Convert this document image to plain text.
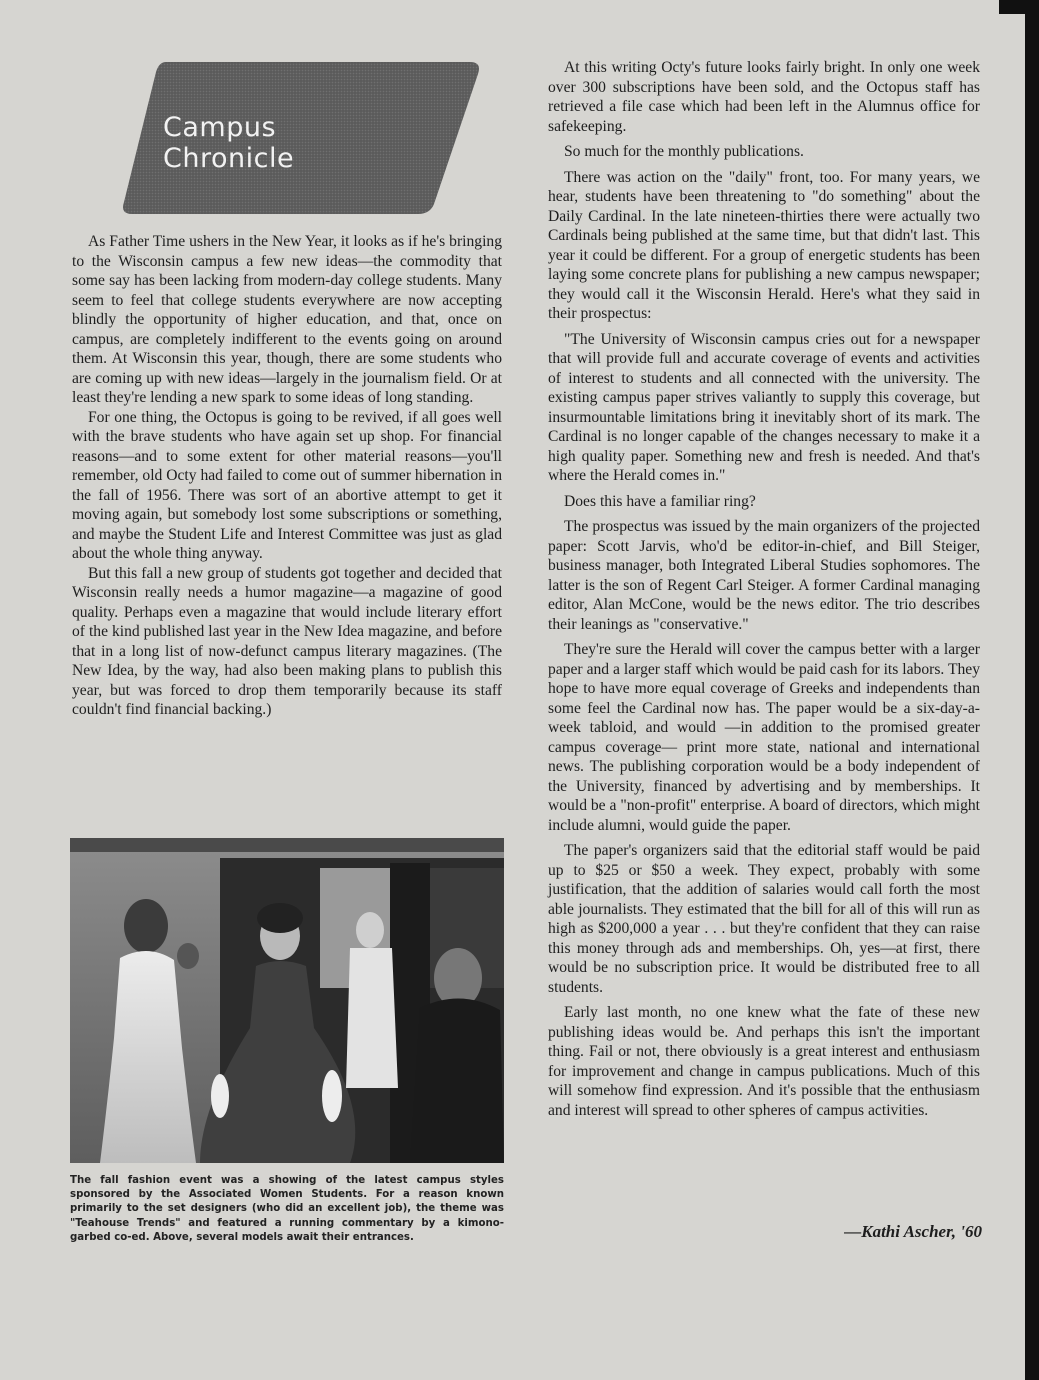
Campus Chronicle

As Father Time ushers in the New Year, it looks as if he's bringing to the Wisconsin campus a few new ideas—the commodity that some say has been lacking from modern-day college students. Many seem to feel that college students everywhere are now accepting blindly the opportunity of higher education, and that, once on campus, are completely indifferent to the events going on around them. At Wisconsin this year, though, there are some students who are coming up with new ideas—largely in the journalism field. Or at least they're lending a new spark to some ideas of long standing.

For one thing, the Octopus is going to be revived, if all goes well with the brave students who have again set up shop. For financial reasons—and to some extent for other material reasons—you'll remember, old Octy had failed to come out of summer hibernation in the fall of 1956. There was sort of an abortive attempt to get it moving again, but somebody lost some subscriptions or something, and maybe the Student Life and Interest Committee was just as glad about the whole thing anyway.

But this fall a new group of students got together and decided that Wisconsin really needs a humor magazine—a magazine of good quality. Perhaps even a magazine that would include literary effort of the kind published last year in the New Idea magazine, and before that in a long list of now-defunct campus literary magazines. (The New Idea, by the way, had also been making plans to publish this year, but was forced to drop them temporarily because its staff couldn't find financial backing.)

The fall fashion event was a showing of the latest campus styles sponsored by the Associated Women Students. For a reason known primarily to the set designers (who did an excellent job), the theme was "Teahouse Trends" and featured a running commentary by a kimono-garbed co-ed. Above, several models await their entrances.

At this writing Octy's future looks fairly bright. In only one week over 300 subscriptions have been sold, and the Octopus staff has retrieved a file case which had been left in the Alumnus office for safekeeping.

So much for the monthly publications.

There was action on the "daily" front, too. For many years, we hear, students have been threatening to "do something" about the Daily Cardinal. In the late nineteen-thirties there were actually two Cardinals being published at the same time, but that didn't last. This year it could be different. For a group of energetic students has been laying some concrete plans for publishing a new campus newspaper; they would call it the Wisconsin Herald. Here's what they said in their prospectus:

"The University of Wisconsin campus cries out for a newspaper that will provide full and accurate coverage of events and activities of interest to students and all connected with the university. The existing campus paper strives valiantly to supply this coverage, but insurmountable limitations bring it inevitably short of its mark. The Cardinal is no longer capable of the changes necessary to make it a high quality paper. Something new and fresh is needed. And that's where the Herald comes in."

Does this have a familiar ring?

The prospectus was issued by the main organizers of the projected paper: Scott Jarvis, who'd be editor-in-chief, and Bill Steiger, business manager, both Integrated Liberal Studies sophomores. The latter is the son of Regent Carl Steiger. A former Cardinal managing editor, Alan McCone, would be the news editor. The trio describes their leanings as "conservative."

They're sure the Herald will cover the campus better with a larger paper and a larger staff which would be paid cash for its labors. They hope to have more equal coverage of Greeks and independents than some feel the Cardinal now has. The paper would be a six-day-a-week tabloid, and would —in addition to the promised greater campus coverage— print more state, national and international news. The publishing corporation would be a body independent of the University, financed by advertising and by memberships. It would be a "non-profit" enterprise. A board of directors, which might include alumni, would guide the paper.

The paper's organizers said that the editorial staff would be paid up to $25 or $50 a week. They expect, probably with some justification, that the addition of salaries would call forth the most able journalists. They estimated that the bill for all of this will run as high as $200,000 a year . . . but they're confident that they can raise this money through ads and memberships. Oh, yes—at first, there would be no subscription price. It would be distributed free to all students.

Early last month, no one knew what the fate of these new publishing ideas would be. And perhaps this isn't the important thing. Fail or not, there obviously is a great interest and enthusiasm for improvement and change in campus publications. Much of this will somehow find expression. And it's possible that the enthusiasm and interest will spread to other spheres of campus activities.

—Kathi Ascher, '60
